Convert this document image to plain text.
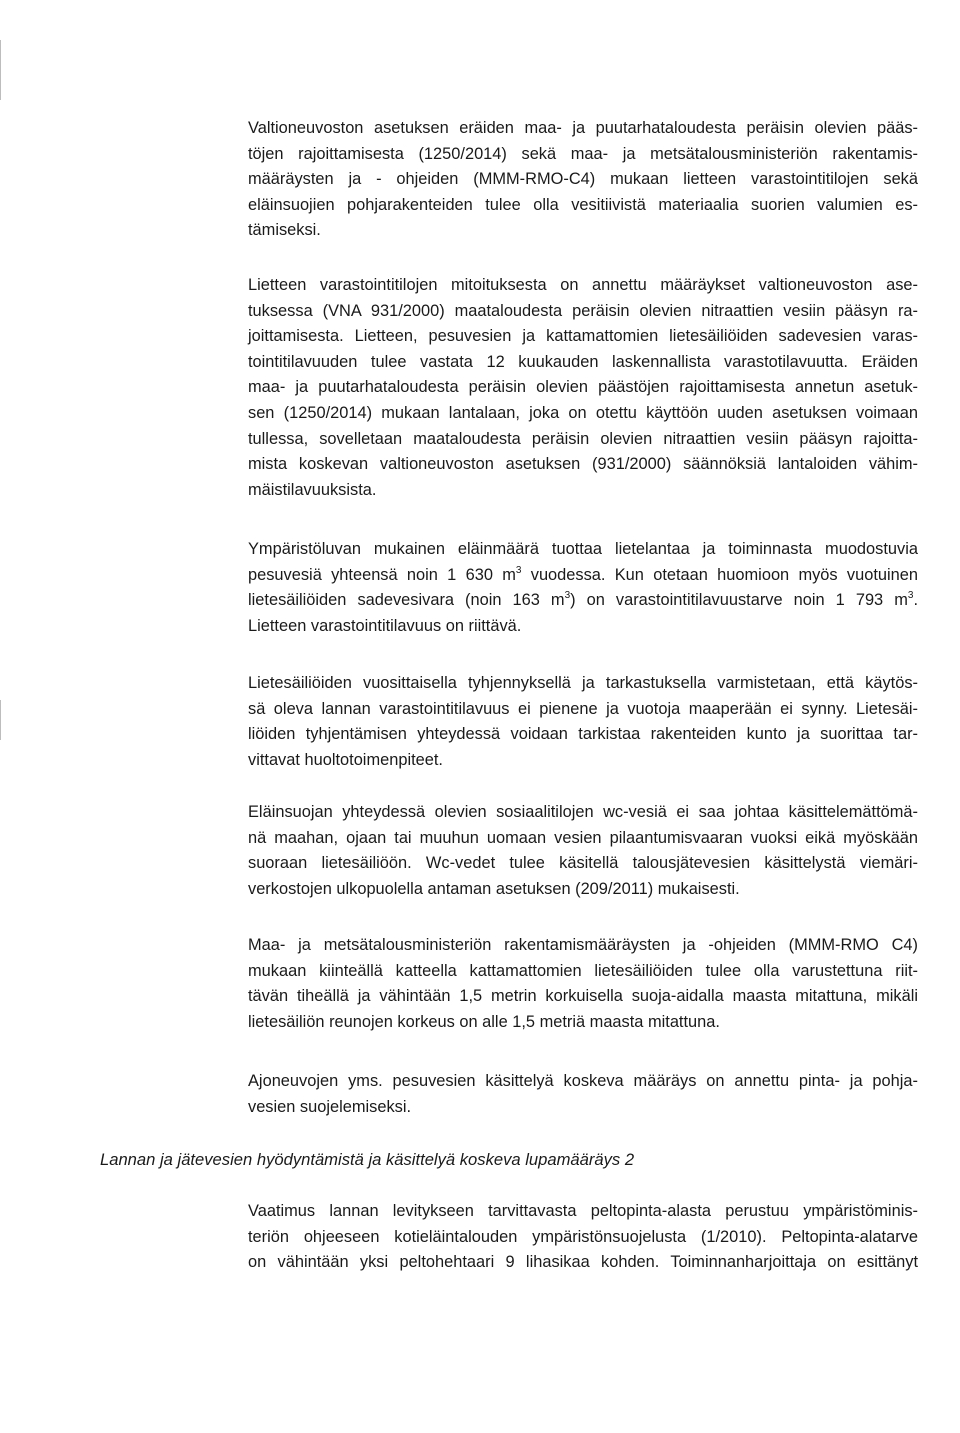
Valtioneuvoston asetuksen eräiden maa- ja puutarhataloudesta peräisin olevien pääs-
töjen rajoittamisesta (1250/2014) sekä maa- ja metsätalousministeriön rakentamis-
määräysten ja - ohjeiden (MMM-RMO-C4) mukaan lietteen varastointitilojen sekä
eläinsuojien pohjarakenteiden tulee olla vesitiivistä materiaalia suorien valumien es-
tämiseksi.
Lietteen varastointitilojen mitoituksesta on annettu määräykset valtioneuvoston ase-
tuksessa (VNA 931/2000) maataloudesta peräisin olevien nitraattien vesiin pääsyn ra-
joittamisesta. Lietteen, pesuvesien ja kattamattomien lietesäiliöiden sadevesien varas-
tointitilavuuden tulee vastata 12 kuukauden laskennallista varastotilavuutta. Eräiden
maa- ja puutarhataloudesta peräisin olevien päästöjen rajoittamisesta annetun asetuk-
sen (1250/2014) mukaan lantalaan, joka on otettu käyttöön uuden asetuksen voimaan
tullessa, sovelletaan maataloudesta peräisin olevien nitraattien vesiin pääsyn rajoitta-
mista koskevan valtioneuvoston asetuksen (931/2000) säännöksiä lantaloiden vähim-
mäistilavuuksista.
Ympäristöluvan mukainen eläinmäärä tuottaa lietelantaa ja toiminnasta muodostuvia
pesuvesiä yhteensä noin 1 630 $m^3$ vuodessa. Kun otetaan huomioon myös vuotuinen
lietesäiliöiden sadevesivara (noin 163 $m^3$) on varastointitilavuustarve noin 1 793 $m^3$.
Lietteen varastointitilavuus on riittävä.
Lietesäiliöiden vuosittaisella tyhjennyksellä ja tarkastuksella varmistetaan, että käytös-
sä oleva lannan varastointitilavuus ei pienene ja vuotoja maaperään ei synny. Lietesäi-
liöiden tyhjentämisen yhteydessä voidaan tarkistaa rakenteiden kunto ja suorittaa tar-
vittavat huoltotoimenpiteet.
Eläinsuojan yhteydessä olevien sosiaalitilojen wc-vesiä ei saa johtaa käsittelemättömä-
nä maahan, ojaan tai muuhun uomaan vesien pilaantumisvaaran vuoksi eikä myöskään
suoraan lietesäiliöön. Wc-vedet tulee käsitellä talousjätevesien käsittelystä viemäri-
verkostojen ulkopuolella antaman asetuksen (209/2011) mukaisesti.
Maa- ja metsätalousministeriön rakentamismääräysten ja -ohjeiden (MMM-RMO C4)
mukaan kiinteällä katteella kattamattomien lietesäiliöiden tulee olla varustettuna riit-
tävän tiheällä ja vähintään 1,5 metrin korkuisella suoja-aidalla maasta mitattuna, mikäli
lietesäiliön reunojen korkeus on alle 1,5 metriä maasta mitattuna.
Ajoneuvojen yms. pesuvesien käsittelyä koskeva määräys on annettu pinta- ja pohja-
vesien suojelemiseksi.

Lannan ja jätevesien hyödyntämistä ja käsittelyä koskeva lupamääräys 2

Vaatimus lannan levitykseen tarvittavasta peltopinta-alasta perustuu ympäristöminis-
teriön ohjeeseen kotieläintalouden ympäristönsuojelusta (1/2010). Peltopinta-alatarve
on vähintään yksi peltohehtaari 9 lihasikaa kohden. Toiminnanharjoittaja on esittänyt
